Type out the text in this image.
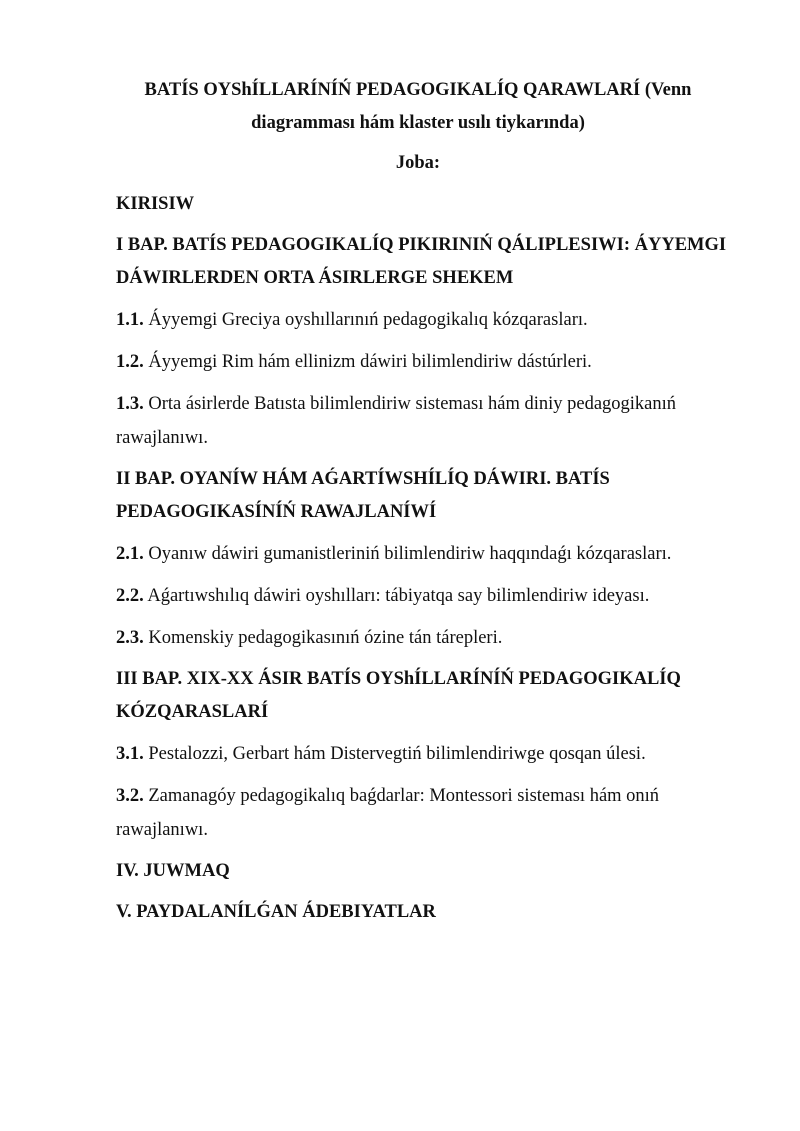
BATÍS OYShÍLLARÍNÍŃ PEDAGOGIKALÍQ QARAWLARÍ (Venn diagramması hám klaster usılı tiykarında)
Joba:
KIRISIW
I BAP. BATÍS PEDAGOGIKALÍQ PIKIRINIŃ QÁLIPLESIWI: ÁYYEMGI DÁWIRLERDEN ORTA ÁSIRLERGE SHEKEM
1.1. Áyyemgi Greciya oyshıllarınıń pedagogikalıq kózqarasları.
1.2. Áyyemgi Rim hám ellinizm dáwiri bilimlendiriw dástúrleri.
1.3. Orta ásirlerde Batısta bilimlendiriw sisteması hám diniy pedagogikanıń rawajlanıwı.
II BAP. OYANÍW HÁM AǴARTÍWSHÍLÍQ DÁWIRI. BATÍS PEDAGOGIKASÍNÍŃ RAWAJLANÍWÍ
2.1. Oyanıw dáwiri gumanistleriniń bilimlendiriw haqqındaǵı kózqarasları.
2.2. Aǵartıwshılıq dáwiri oyshılları: tábiyatqa say bilimlendiriw ideyası.
2.3. Komenskiy pedagogikasınıń ózine tán tárepleri.
III BAP. XIX-XX ÁSIR BATÍS OYShÍLLARÍNÍŃ PEDAGOGIKALÍQ KÓZQARASLARÍ
3.1. Pestalozzi, Gerbart hám Distervegtiń bilimlendiriwge qosqan úlesi.
3.2. Zamanagóy pedagogikalıq baǵdarlar: Montessori sisteması hám onıń rawajlanıwı.
IV. JUWMAQ
V. PAYDALANÍLǴAN ÁDEBIYATLAR
